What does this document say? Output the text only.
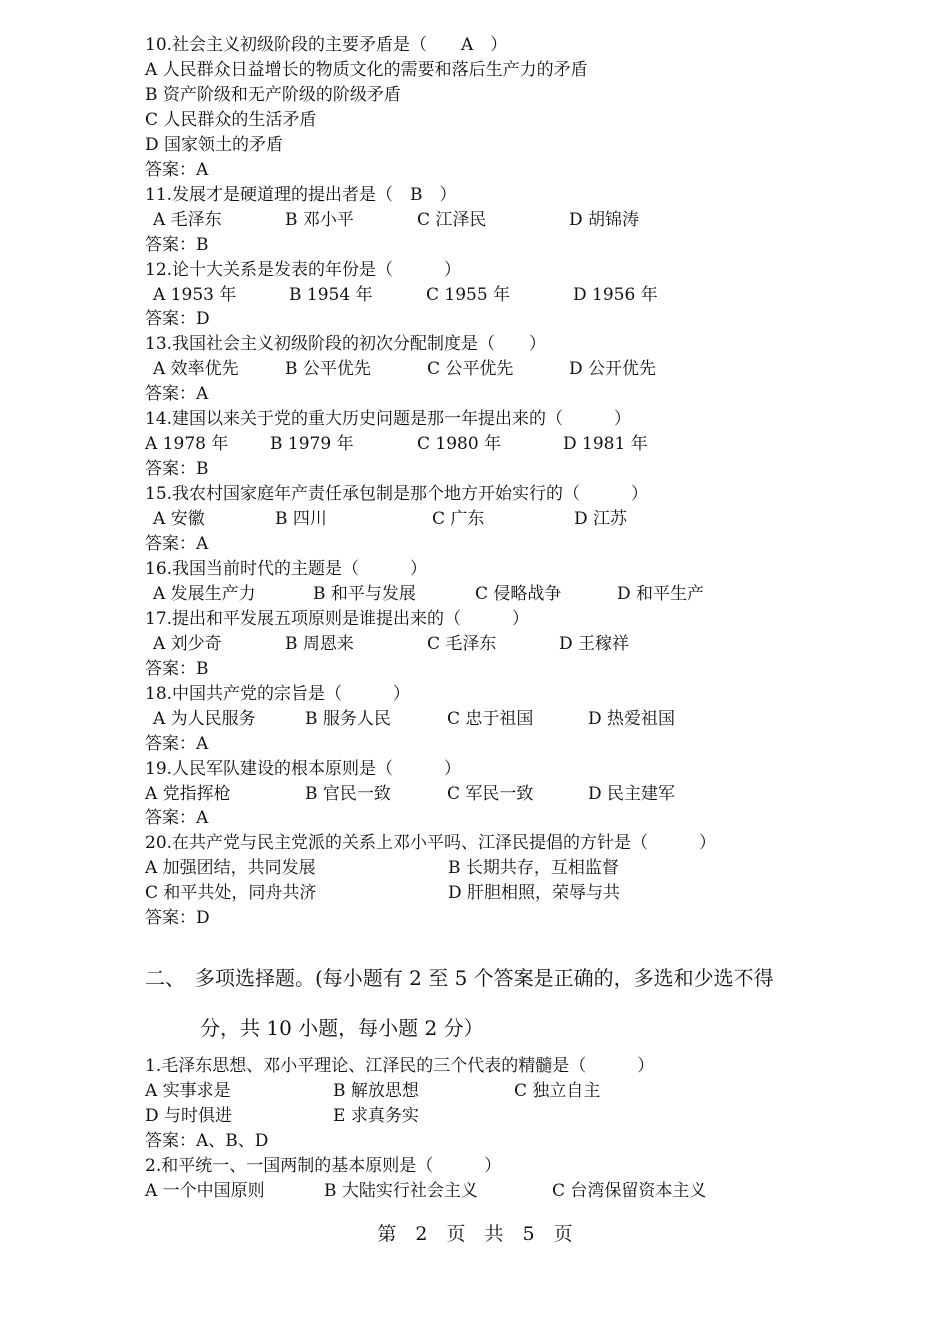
10.社会主义初级阶段的主要矛盾是（　　A　）
A 人民群众日益增长的物质文化的需要和落后生产力的矛盾
B 资产阶级和无产阶级的阶级矛盾
C 人民群众的生活矛盾
D 国家领土的矛盾
答案：A
11.发展才是硬道理的提出者是（　B　）
A 毛泽东	B 邓小平	C 江泽民	D 胡锦涛
答案：B
12.论十大关系是发表的年份是（　　　）
A 1953 年	B 1954 年	C 1955 年	D 1956 年
答案：D
13.我国社会主义初级阶段的初次分配制度是（　　）
A 效率优先	B 公平优先	C 公平优先	D 公开优先
答案：A
14.建国以来关于党的重大历史问题是那一年提出来的（　　　）
A 1978 年 B 1979 年	C 1980 年	D 1981 年
答案：B
15.我农村国家庭年产责任承包制是那个地方开始实行的（　　　）
A 安徽	B 四川	C 广东	D 江苏
答案：A
16.我国当前时代的主题是（　　　）
A 发展生产力	B 和平与发展	C 侵略战争	D 和平生产
17.提出和平发展五项原则是谁提出来的（　　　）
A 刘少奇	B 周恩来	C 毛泽东	D 王稼祥
答案：B
18.中国共产党的宗旨是（　　　）
A 为人民服务	B 服务人民	C 忠于祖国	D 热爱祖国
答案：A
19.人民军队建设的根本原则是（　　　）
A 党指挥枪	B 官民一致	C 军民一致	D 民主建军
答案：A
20.在共产党与民主党派的关系上邓小平吗、江泽民提倡的方针是（　　　）
A 加强团结，共同发展	B 长期共存，互相监督
C 和平共处，同舟共济	D 肝胆相照，荣辱与共
答案：D
二、　多项选择题。(每小题有 2 至 5 个答案是正确的，多选和少选不得
分，共 10 小题，每小题 2 分）
1.毛泽东思想、邓小平理论、江泽民的三个代表的精髓是（　　　）
A 实事求是	B 解放思想	C 独立自主
D 与时俱进	E 求真务实
答案：A、B、D
2.和平统一、一国两制的基本原则是（　　　）
A 一个中国原则	B 大陆实行社会主义	C 台湾保留资本主义
第　2　页　共　5　页
